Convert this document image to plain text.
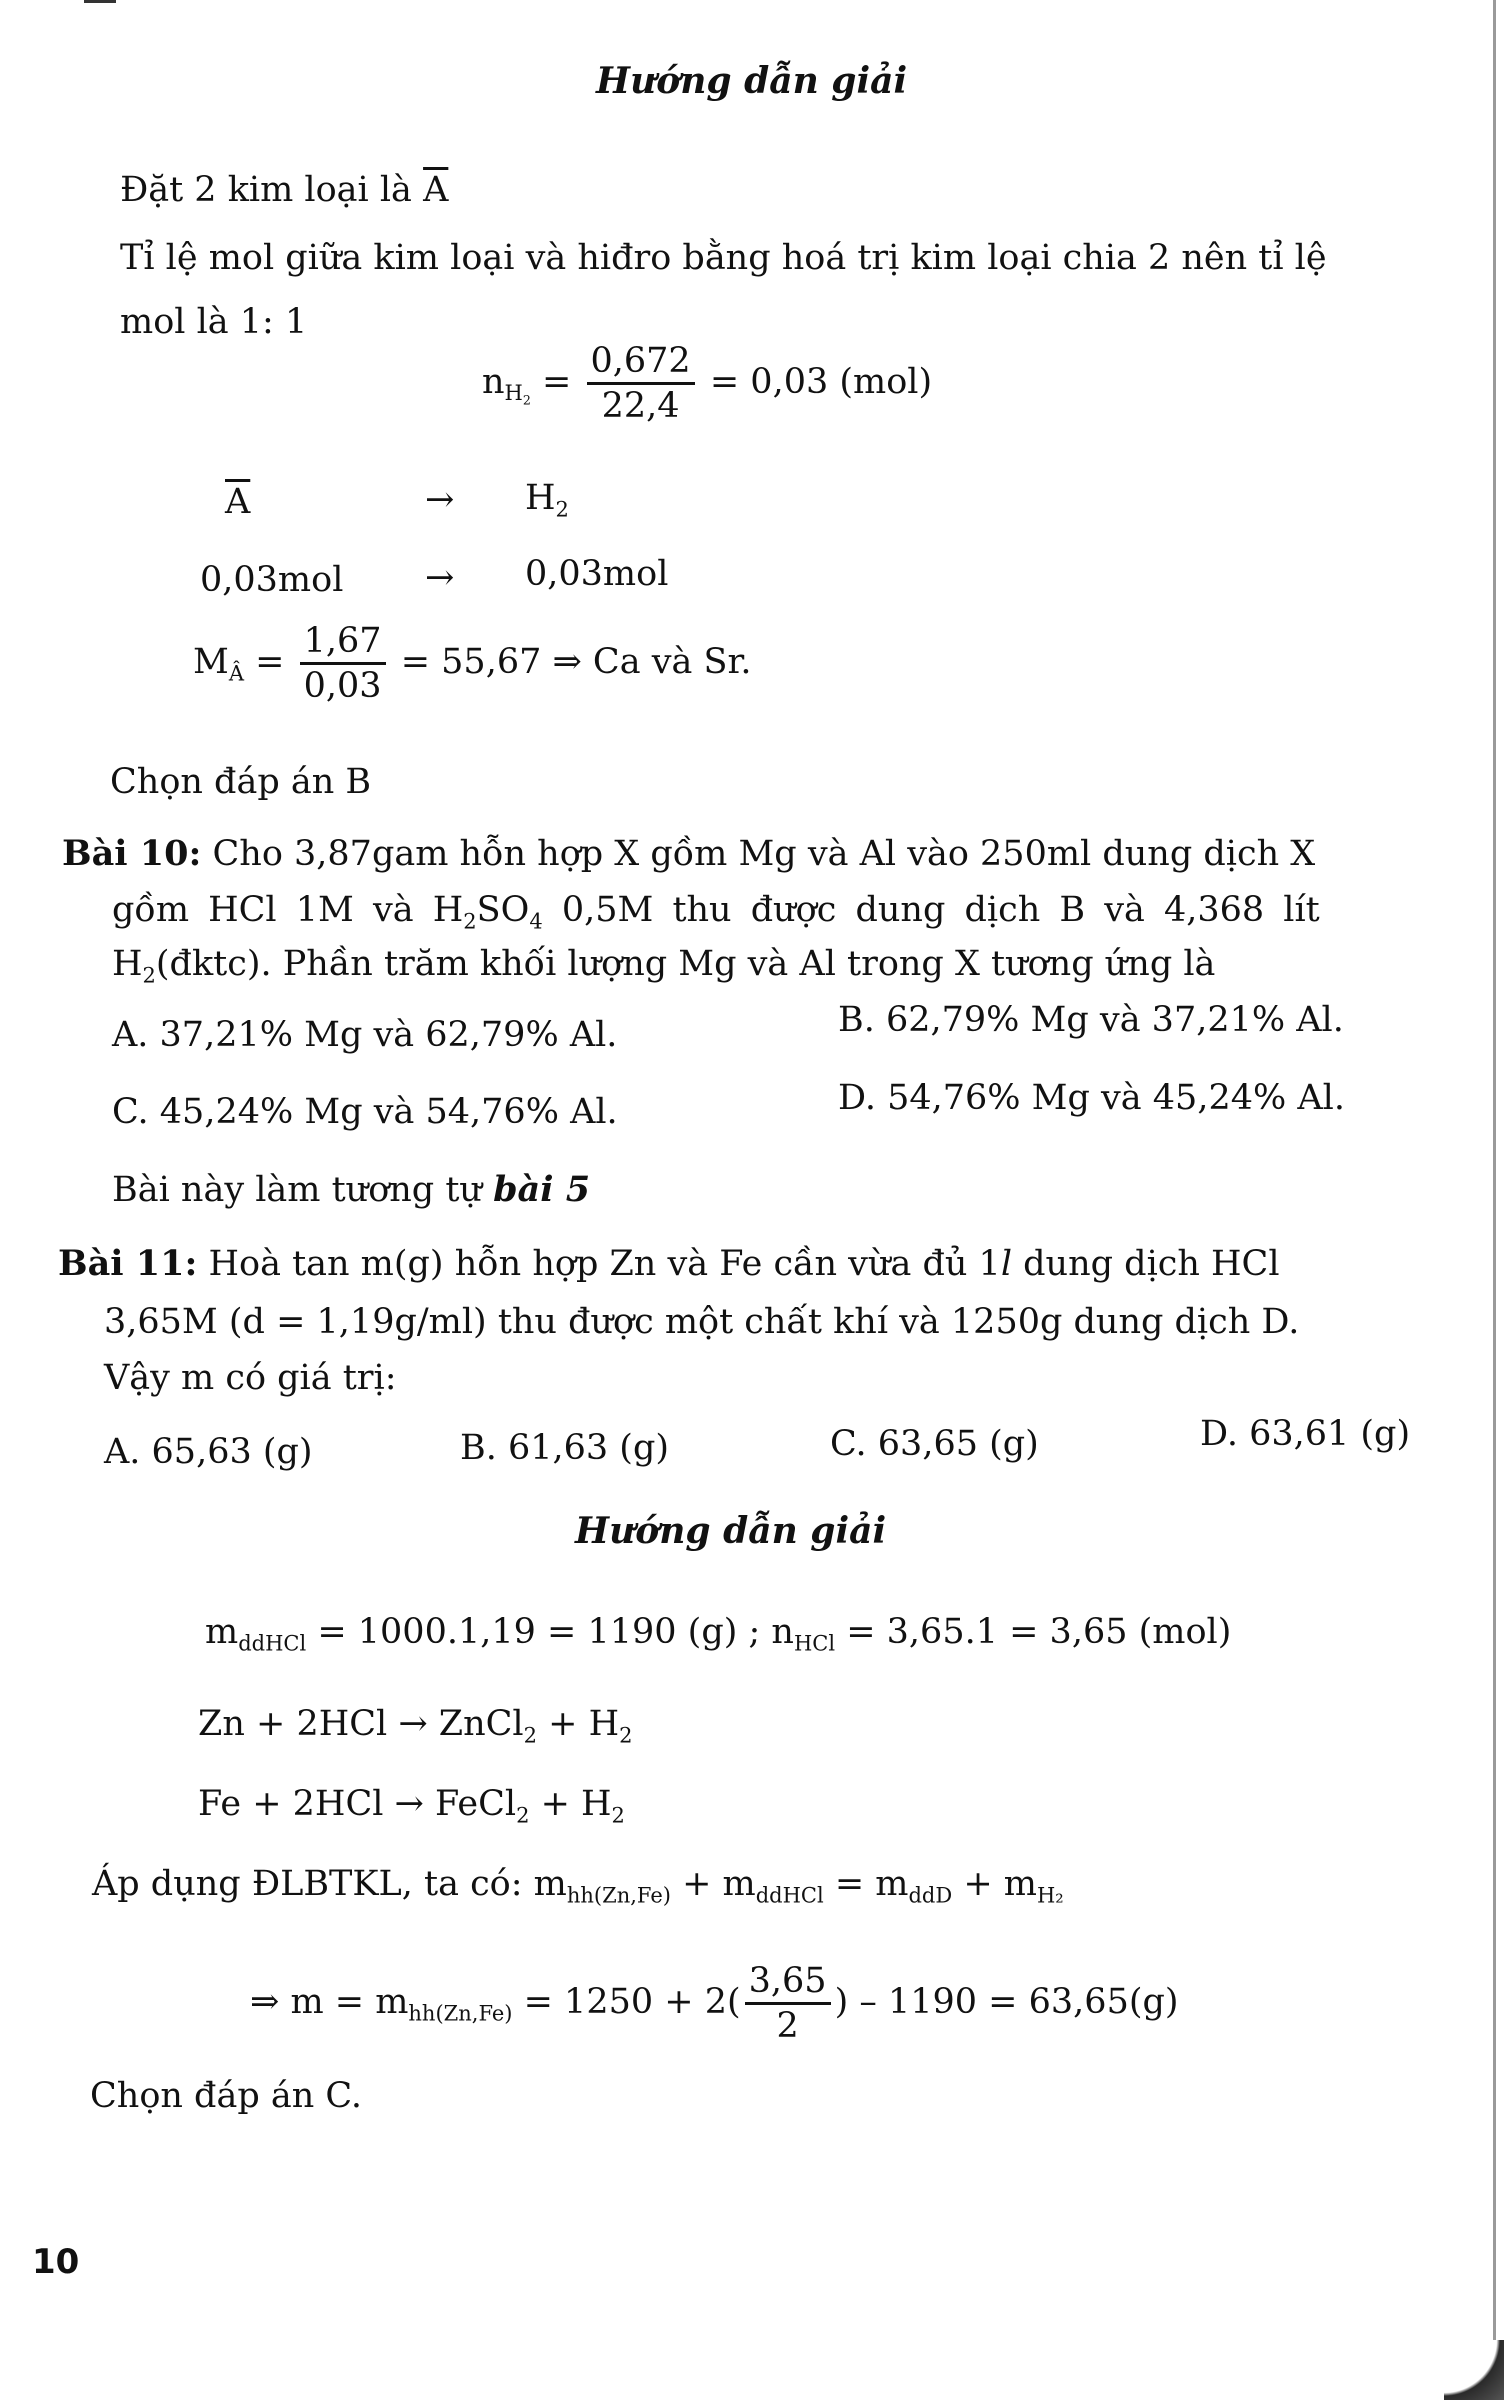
Hướng dẫn giải
Đặt 2 kim loại là $\overline{A}$
Tỉ lệ mol giữa kim loại và hiđro bằng hoá trị kim loại chia 2 nên tỉ lệ
mol là 1: 1
$n_{H_2} = \frac{0,672}{22,4} = 0,03$ (mol)
$\overline{A}$	→ $H_2$
0,03mol → 0,03mol
$M_Â = \frac{1,67}{0,03} = 55,67$ ⇒ Ca và Sr.
Chọn đáp án B
Bài 10: Cho 3,87gam hỗn hợp X gồm Mg và Al vào 250ml dung dịch X
gồm HCl 1M và $H_2SO_4$ 0,5M thu được dung dịch B và 4,368 lít
$H_2(đktc)$. Phần trăm khối lượng Mg và Al trong X tương ứng là
A. 37,21% Mg và 62,79% Al.	B. 62,79% Mg và 37,21% Al.
C. 45,24% Mg và 54,76% Al.	D. 54,76% Mg và 45,24% Al.
Bài này làm tương tự bài 5
Bài 11: Hoà tan m(g) hỗn hợp Zn và Fe cần vừa đủ 1l dung dịch HCl
3,65M (d = 1,19g/ml) thu được một chất khí và 1250g dung dịch D.
Vậy m có giá trị:
A. 65,63 (g)	B. 61,63 (g)	C. 63,65 (g)	D. 63,61 (g)
Hướng dẫn giải
$m_{ddHCl} = 1000.1,19 = 1190$ (g) ; $n_{HCl} = 3,65.1 = 3,65$ (mol)
Zn + 2HCl → ZnCl$_2$ + $H_2$
Fe + 2HCl → FeCl$_2$ + $H_2$
Áp dụng ĐLBTKL, ta có: $m_{hh(Zn,Fe)} + m_{ddHCl} = m_{ddD} + m_{H_2}$
⇒ $m = m_{hh(Zn,Fe)} = 1250 + 2( \frac{3,65}{2}$ ) – 1190 = 63,65(g)
Chọn đáp án C.
10
